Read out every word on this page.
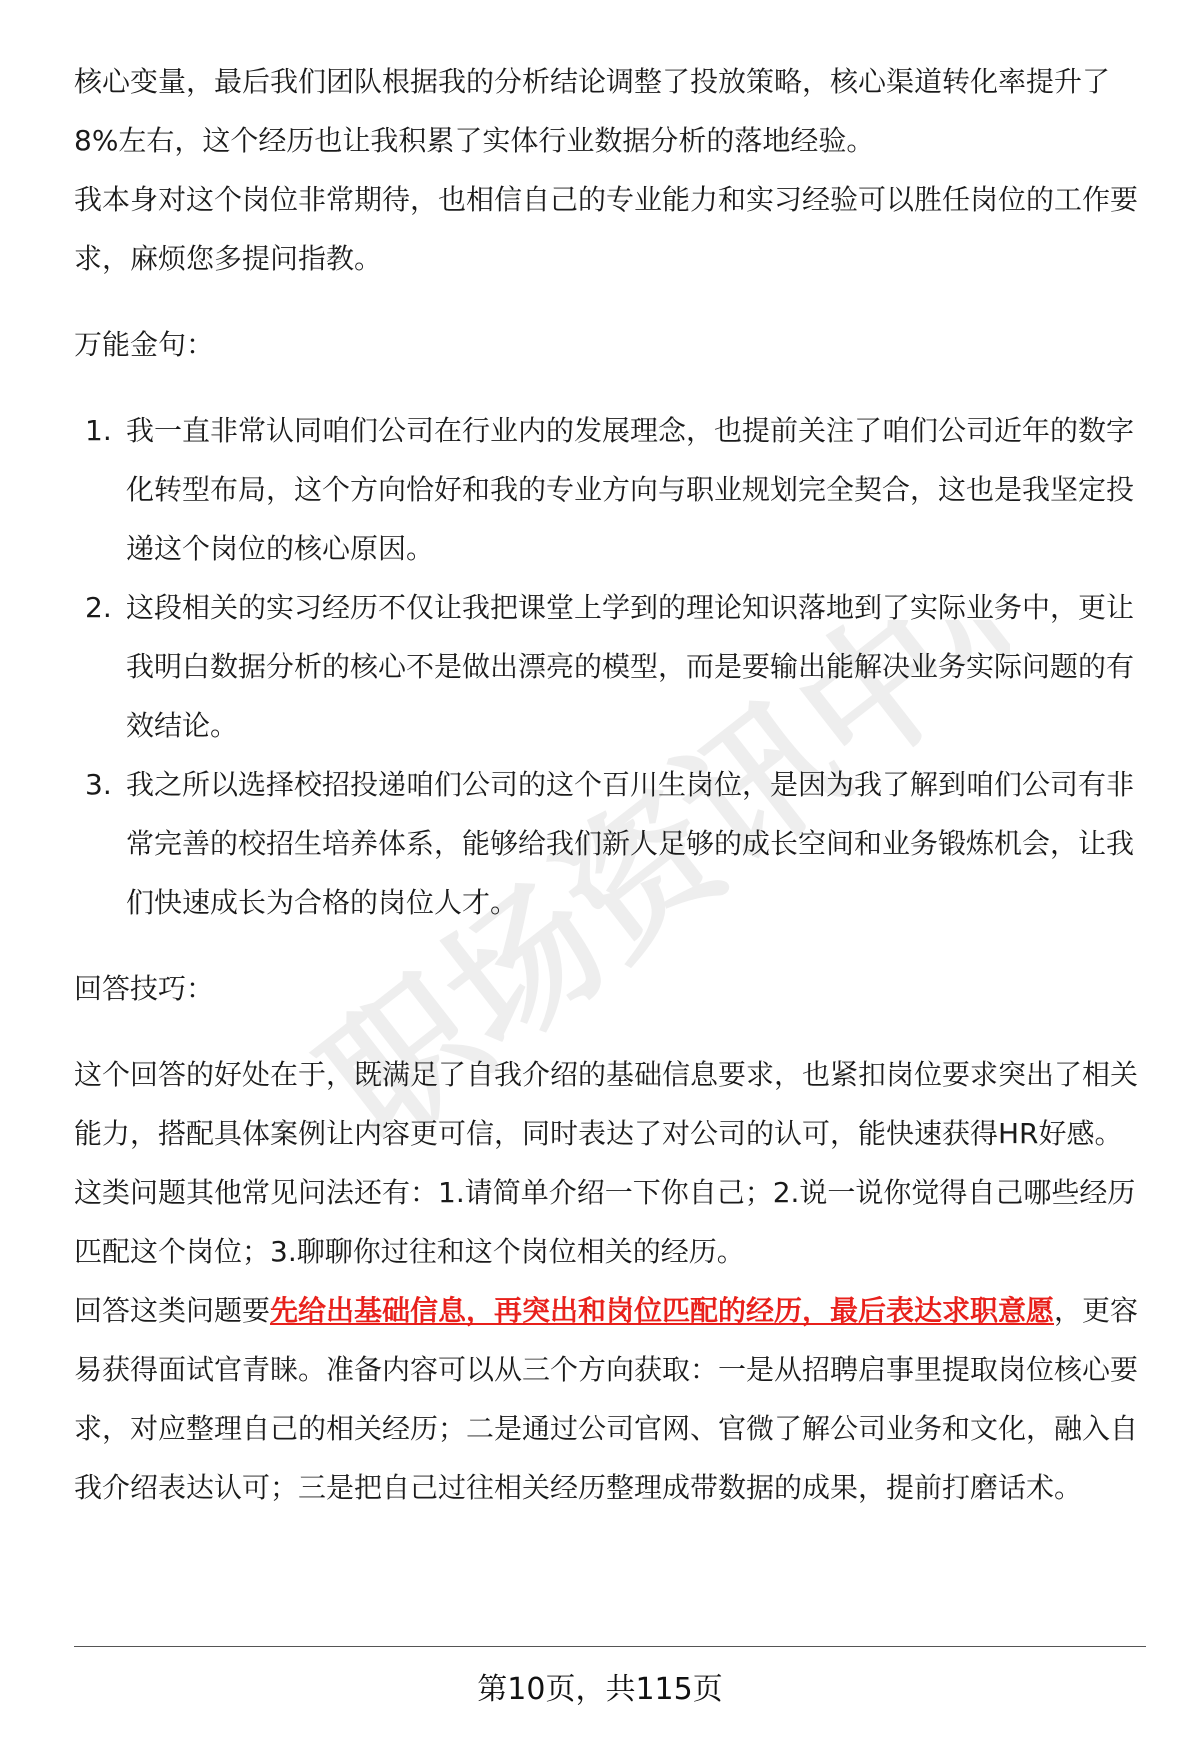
职场资讯中心

核心变量，最后我们团队根据我的分析结论调整了投放策略，核心渠道转化率提升了8%左右，这个经历也让我积累了实体行业数据分析的落地经验。

我本身对这个岗位非常期待，也相信自己的专业能力和实习经验可以胜任岗位的工作要求，麻烦您多提问指教。

万能金句：

1. 我一直非常认同咱们公司在行业内的发展理念，也提前关注了咱们公司近年的数字化转型布局，这个方向恰好和我的专业方向与职业规划完全契合，这也是我坚定投递这个岗位的核心原因。
2. 这段相关的实习经历不仅让我把课堂上学到的理论知识落地到了实际业务中，更让我明白数据分析的核心不是做出漂亮的模型，而是要输出能解决业务实际问题的有效结论。
3. 我之所以选择校招投递咱们公司的这个百川生岗位，是因为我了解到咱们公司有非常完善的校招生培养体系，能够给我们新人足够的成长空间和业务锻炼机会，让我们快速成长为合格的岗位人才。

回答技巧：

这个回答的好处在于，既满足了自我介绍的基础信息要求，也紧扣岗位要求突出了相关能力，搭配具体案例让内容更可信，同时表达了对公司的认可，能快速获得HR好感。这类问题其他常见问法还有：1.请简单介绍一下你自己；2.说一说你觉得自己哪些经历匹配这个岗位；3.聊聊你过往和这个岗位相关的经历。

回答这类问题要先给出基础信息，再突出和岗位匹配的经历，最后表达求职意愿，更容易获得面试官青睐。准备内容可以从三个方向获取：一是从招聘启事里提取岗位核心要求，对应整理自己的相关经历；二是通过公司官网、官微了解公司业务和文化，融入自我介绍表达认可；三是把自己过往相关经历整理成带数据的成果，提前打磨话术。

第10页，共115页
